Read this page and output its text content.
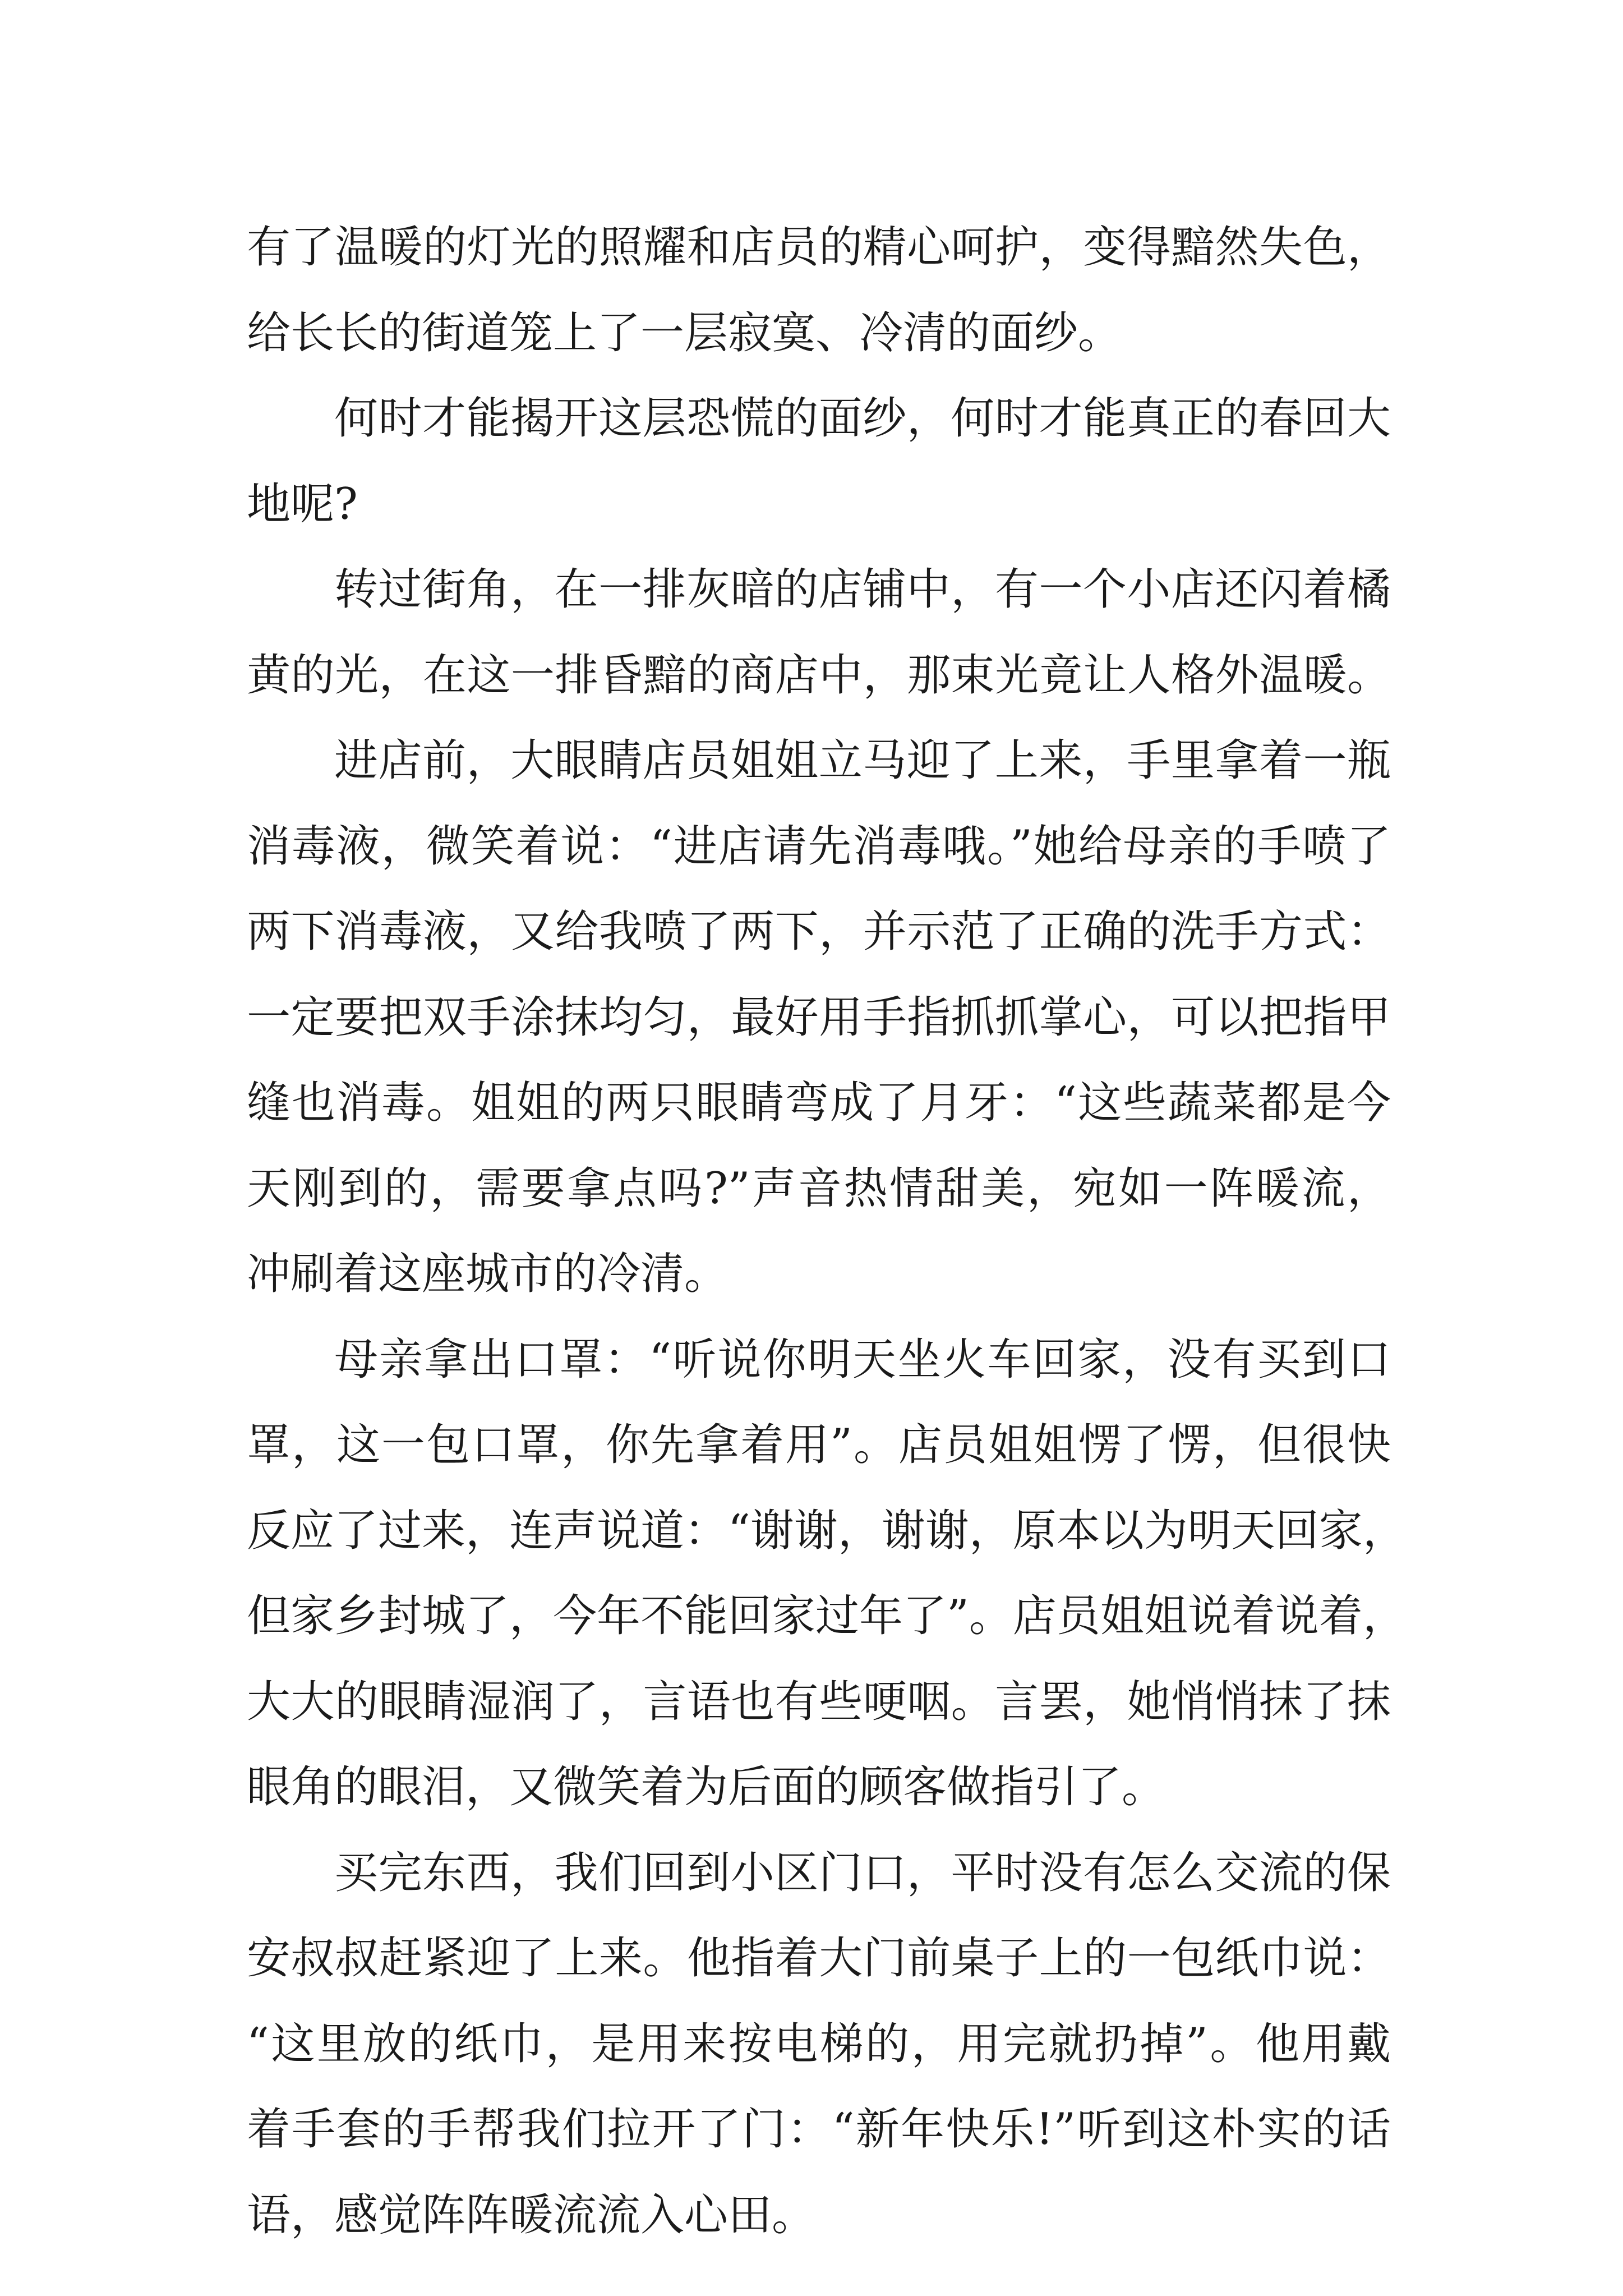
有了温暖的灯光的照耀和店员的精心呵护，变得黯然失色，
给长长的街道笼上了一层寂寞、冷清的面纱。
何时才能揭开这层恐慌的面纱，何时才能真正的春回大
地呢?
转过街角，在一排灰暗的店铺中，有一个小店还闪着橘
黄的光，在这一排昏黯的商店中，那束光竟让人格外温暖。
进店前，大眼睛店员姐姐立马迎了上来，手里拿着一瓶
消毒液，微笑着说：“进店请先消毒哦。”她给母亲的手喷了
两下消毒液，又给我喷了两下，并示范了正确的洗手方式：
一定要把双手涂抹均匀，最好用手指抓抓掌心，可以把指甲
缝也消毒。姐姐的两只眼睛弯成了月牙：“这些蔬菜都是今
天刚到的，需要拿点吗?”声音热情甜美，宛如一阵暖流，
冲刷着这座城市的冷清。
母亲拿出口罩：“听说你明天坐火车回家，没有买到口
罩，这一包口罩，你先拿着用”。店员姐姐愣了愣，但很快
反应了过来，连声说道：“谢谢，谢谢，原本以为明天回家，
但家乡封城了，今年不能回家过年了”。店员姐姐说着说着，
大大的眼睛湿润了，言语也有些哽咽。言罢，她悄悄抹了抹
眼角的眼泪，又微笑着为后面的顾客做指引了。
买完东西，我们回到小区门口，平时没有怎么交流的保
安叔叔赶紧迎了上来。他指着大门前桌子上的一包纸巾说：
“这里放的纸巾，是用来按电梯的，用完就扔掉”。他用戴
着手套的手帮我们拉开了门：“新年快乐!”听到这朴实的话
语，感觉阵阵暖流流入心田。
